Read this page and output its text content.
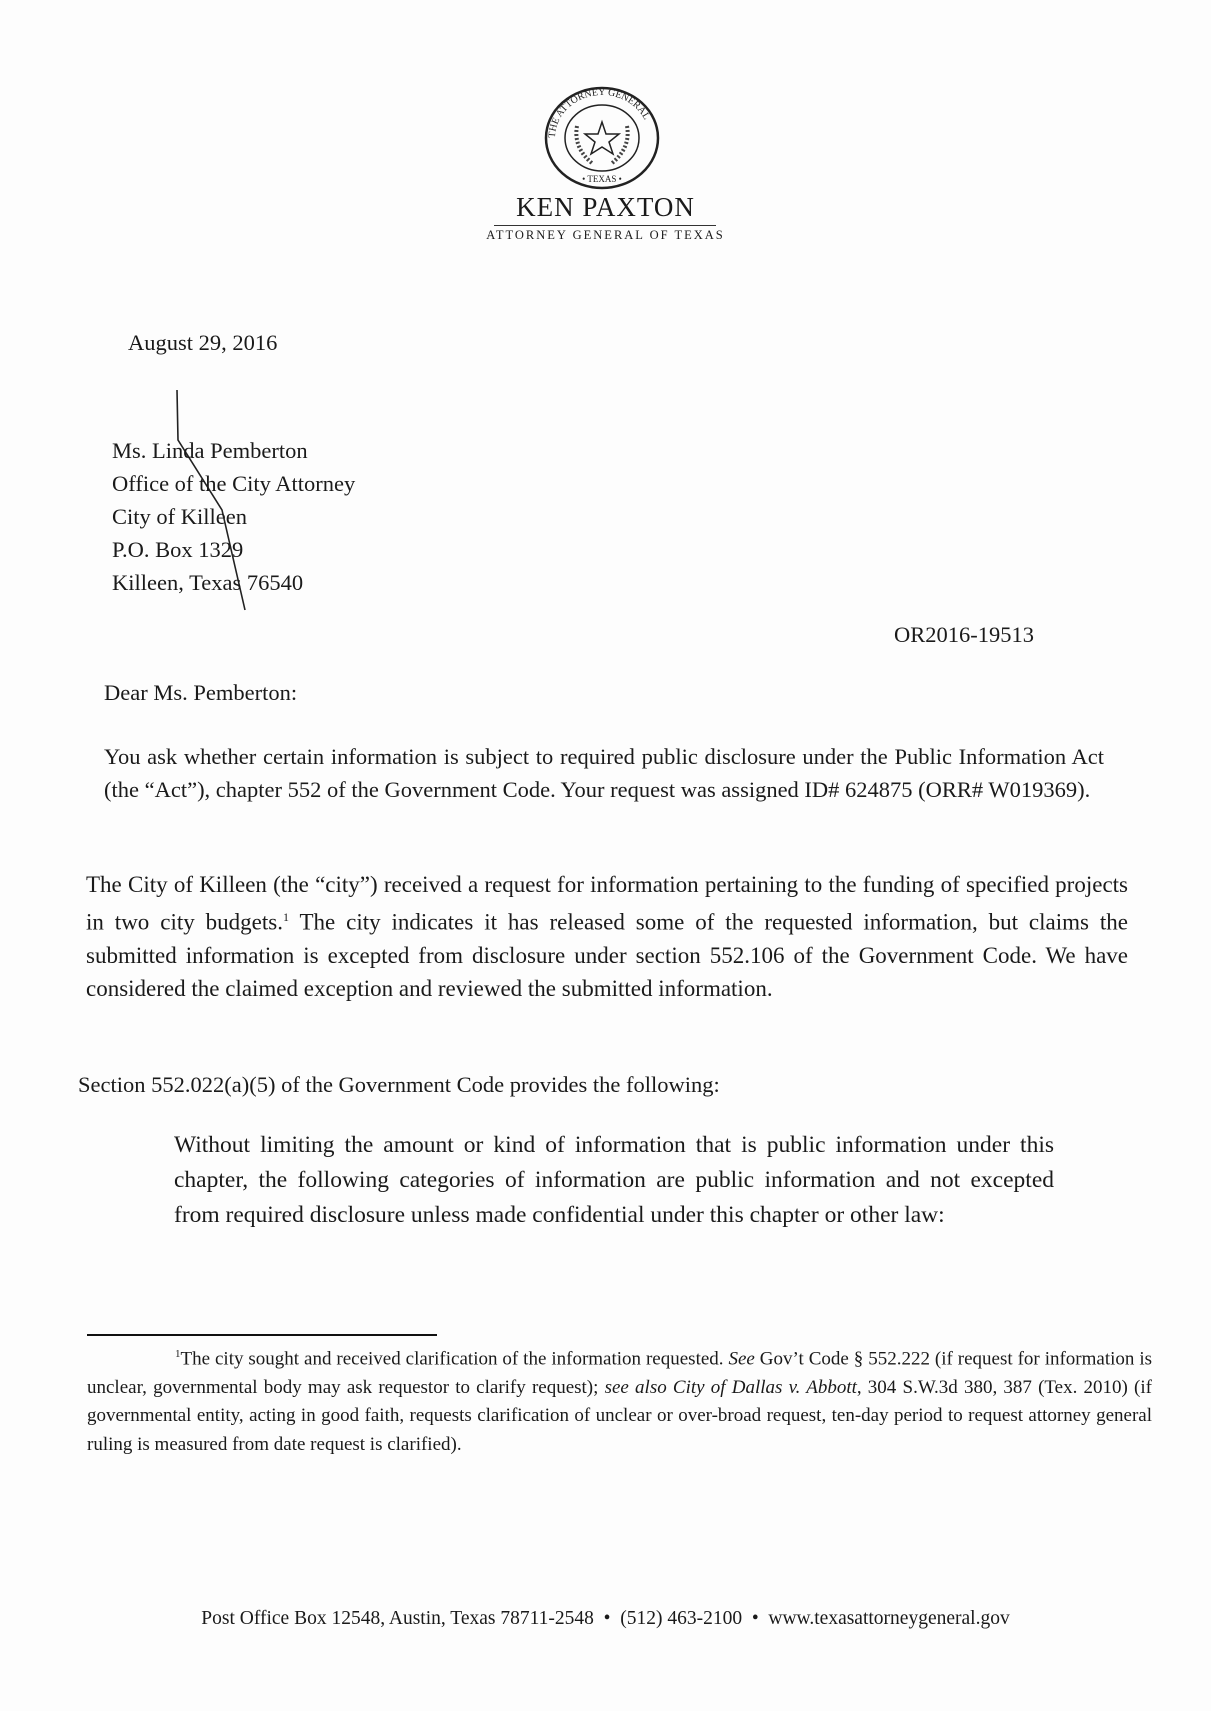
THE ATTORNEY GENERAL
• TEXAS •
KEN PAXTON
ATTORNEY GENERAL OF TEXAS
August 29, 2016
Ms. Linda Pemberton
Office of the City Attorney
City of Killeen
P.O. Box 1329
Killeen, Texas 76540
OR2016-19513
Dear Ms. Pemberton:

You ask whether certain information is subject to required public disclosure under the Public Information Act (the “Act”), chapter 552 of the Government Code. Your request was assigned ID# 624875 (ORR# W019369).

The City of Killeen (the “city”) received a request for information pertaining to the funding of specified projects in two city budgets.$^1$ The city indicates it has released some of the requested information, but claims the submitted information is excepted from disclosure under section 552.106 of the Government Code. We have considered the claimed exception and reviewed the submitted information.

Section 552.022(a)(5) of the Government Code provides the following:

Without limiting the amount or kind of information that is public information under this chapter, the following categories of information are public information and not excepted from required disclosure unless made confidential under this chapter or other law:

$^1$The city sought and received clarification of the information requested. See Gov’t Code § 552.222 (if request for information is unclear, governmental body may ask requestor to clarify request); see also City of Dallas v. Abbott, 304 S.W.3d 380, 387 (Tex. 2010) (if governmental entity, acting in good faith, requests clarification of unclear or over-broad request, ten-day period to request attorney general ruling is measured from date request is clarified).

Post Office Box 12548, Austin, Texas 78711-2548  •  (512) 463-2100  •  www.texasattorneygeneral.gov
